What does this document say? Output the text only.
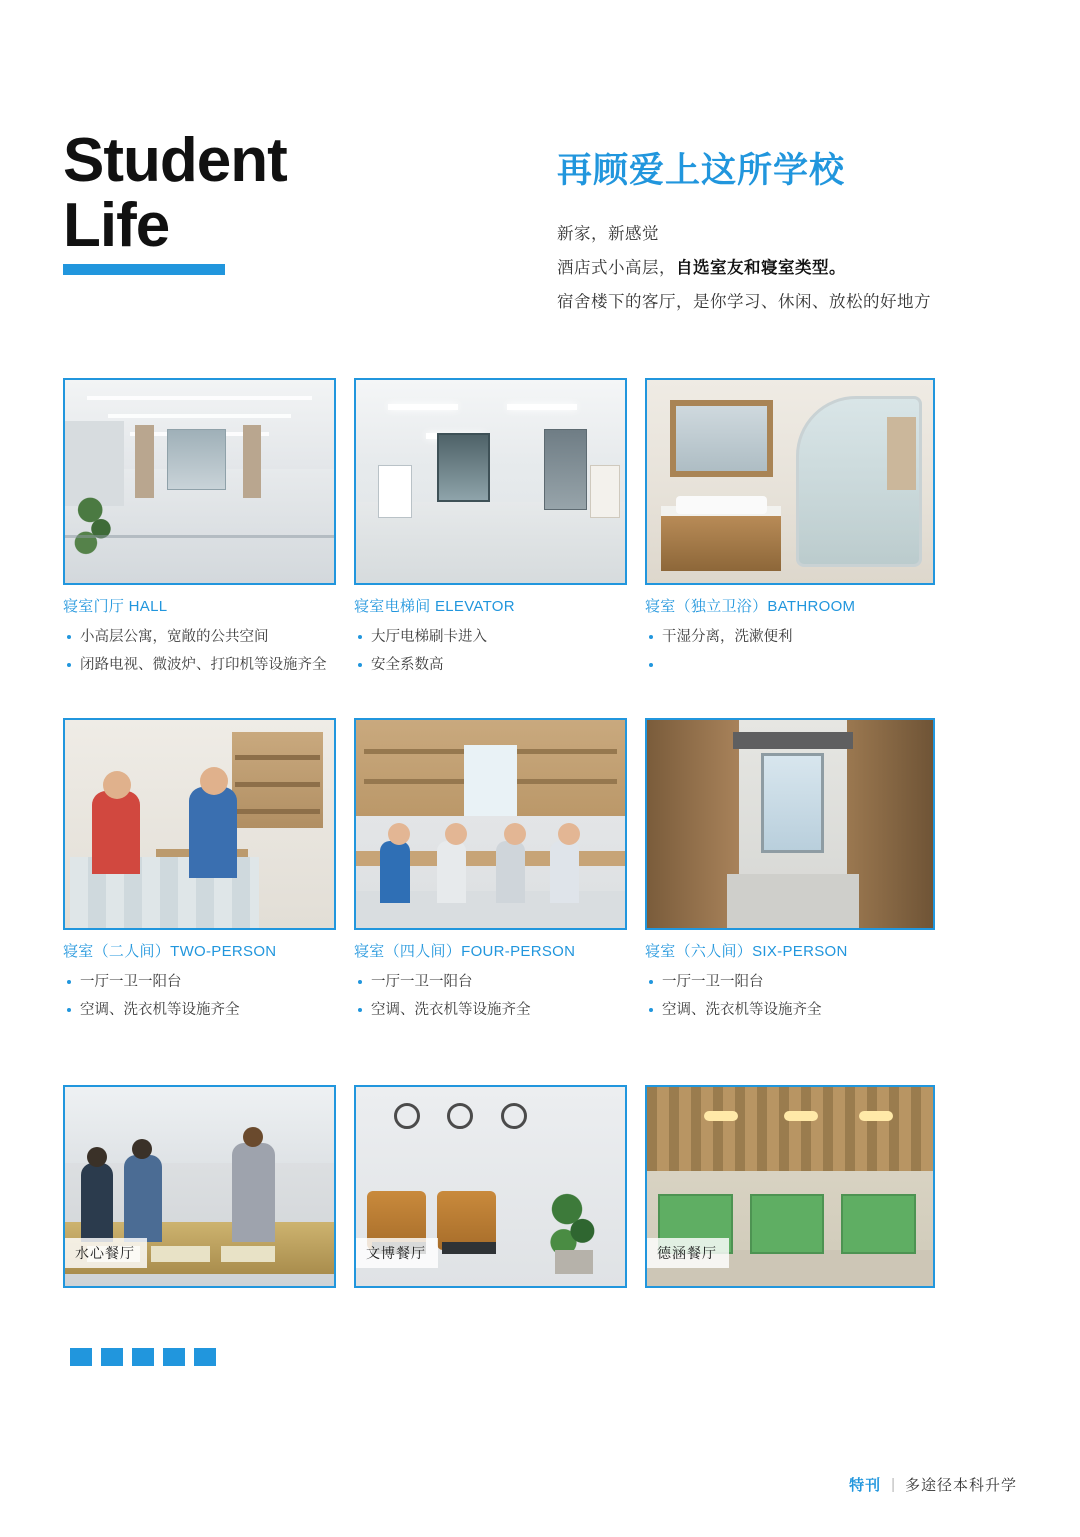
Student
Life
再顾爱上这所学校
新家，新感觉
酒店式小高层，自选室友和寝室类型。
宿舍楼下的客厅，是你学习、休闲、放松的好地方
寝室门厅 HALL
小高层公寓，宽敞的公共空间
闭路电视、微波炉、打印机等设施齐全
寝室电梯间 ELEVATOR
大厅电梯刷卡进入
安全系数高
寝室（独立卫浴）BATHROOM
干湿分离，洗漱便利
寝室（二人间）TWO-PERSON
一厅一卫一阳台
空调、洗衣机等设施齐全
寝室（四人间）FOUR-PERSON
一厅一卫一阳台
空调、洗衣机等设施齐全
寝室（六人间）SIX-PERSON
一厅一卫一阳台
空调、洗衣机等设施齐全
水心餐厅	文博餐厅	德涵餐厅
特刊 | 多途径本科升学
